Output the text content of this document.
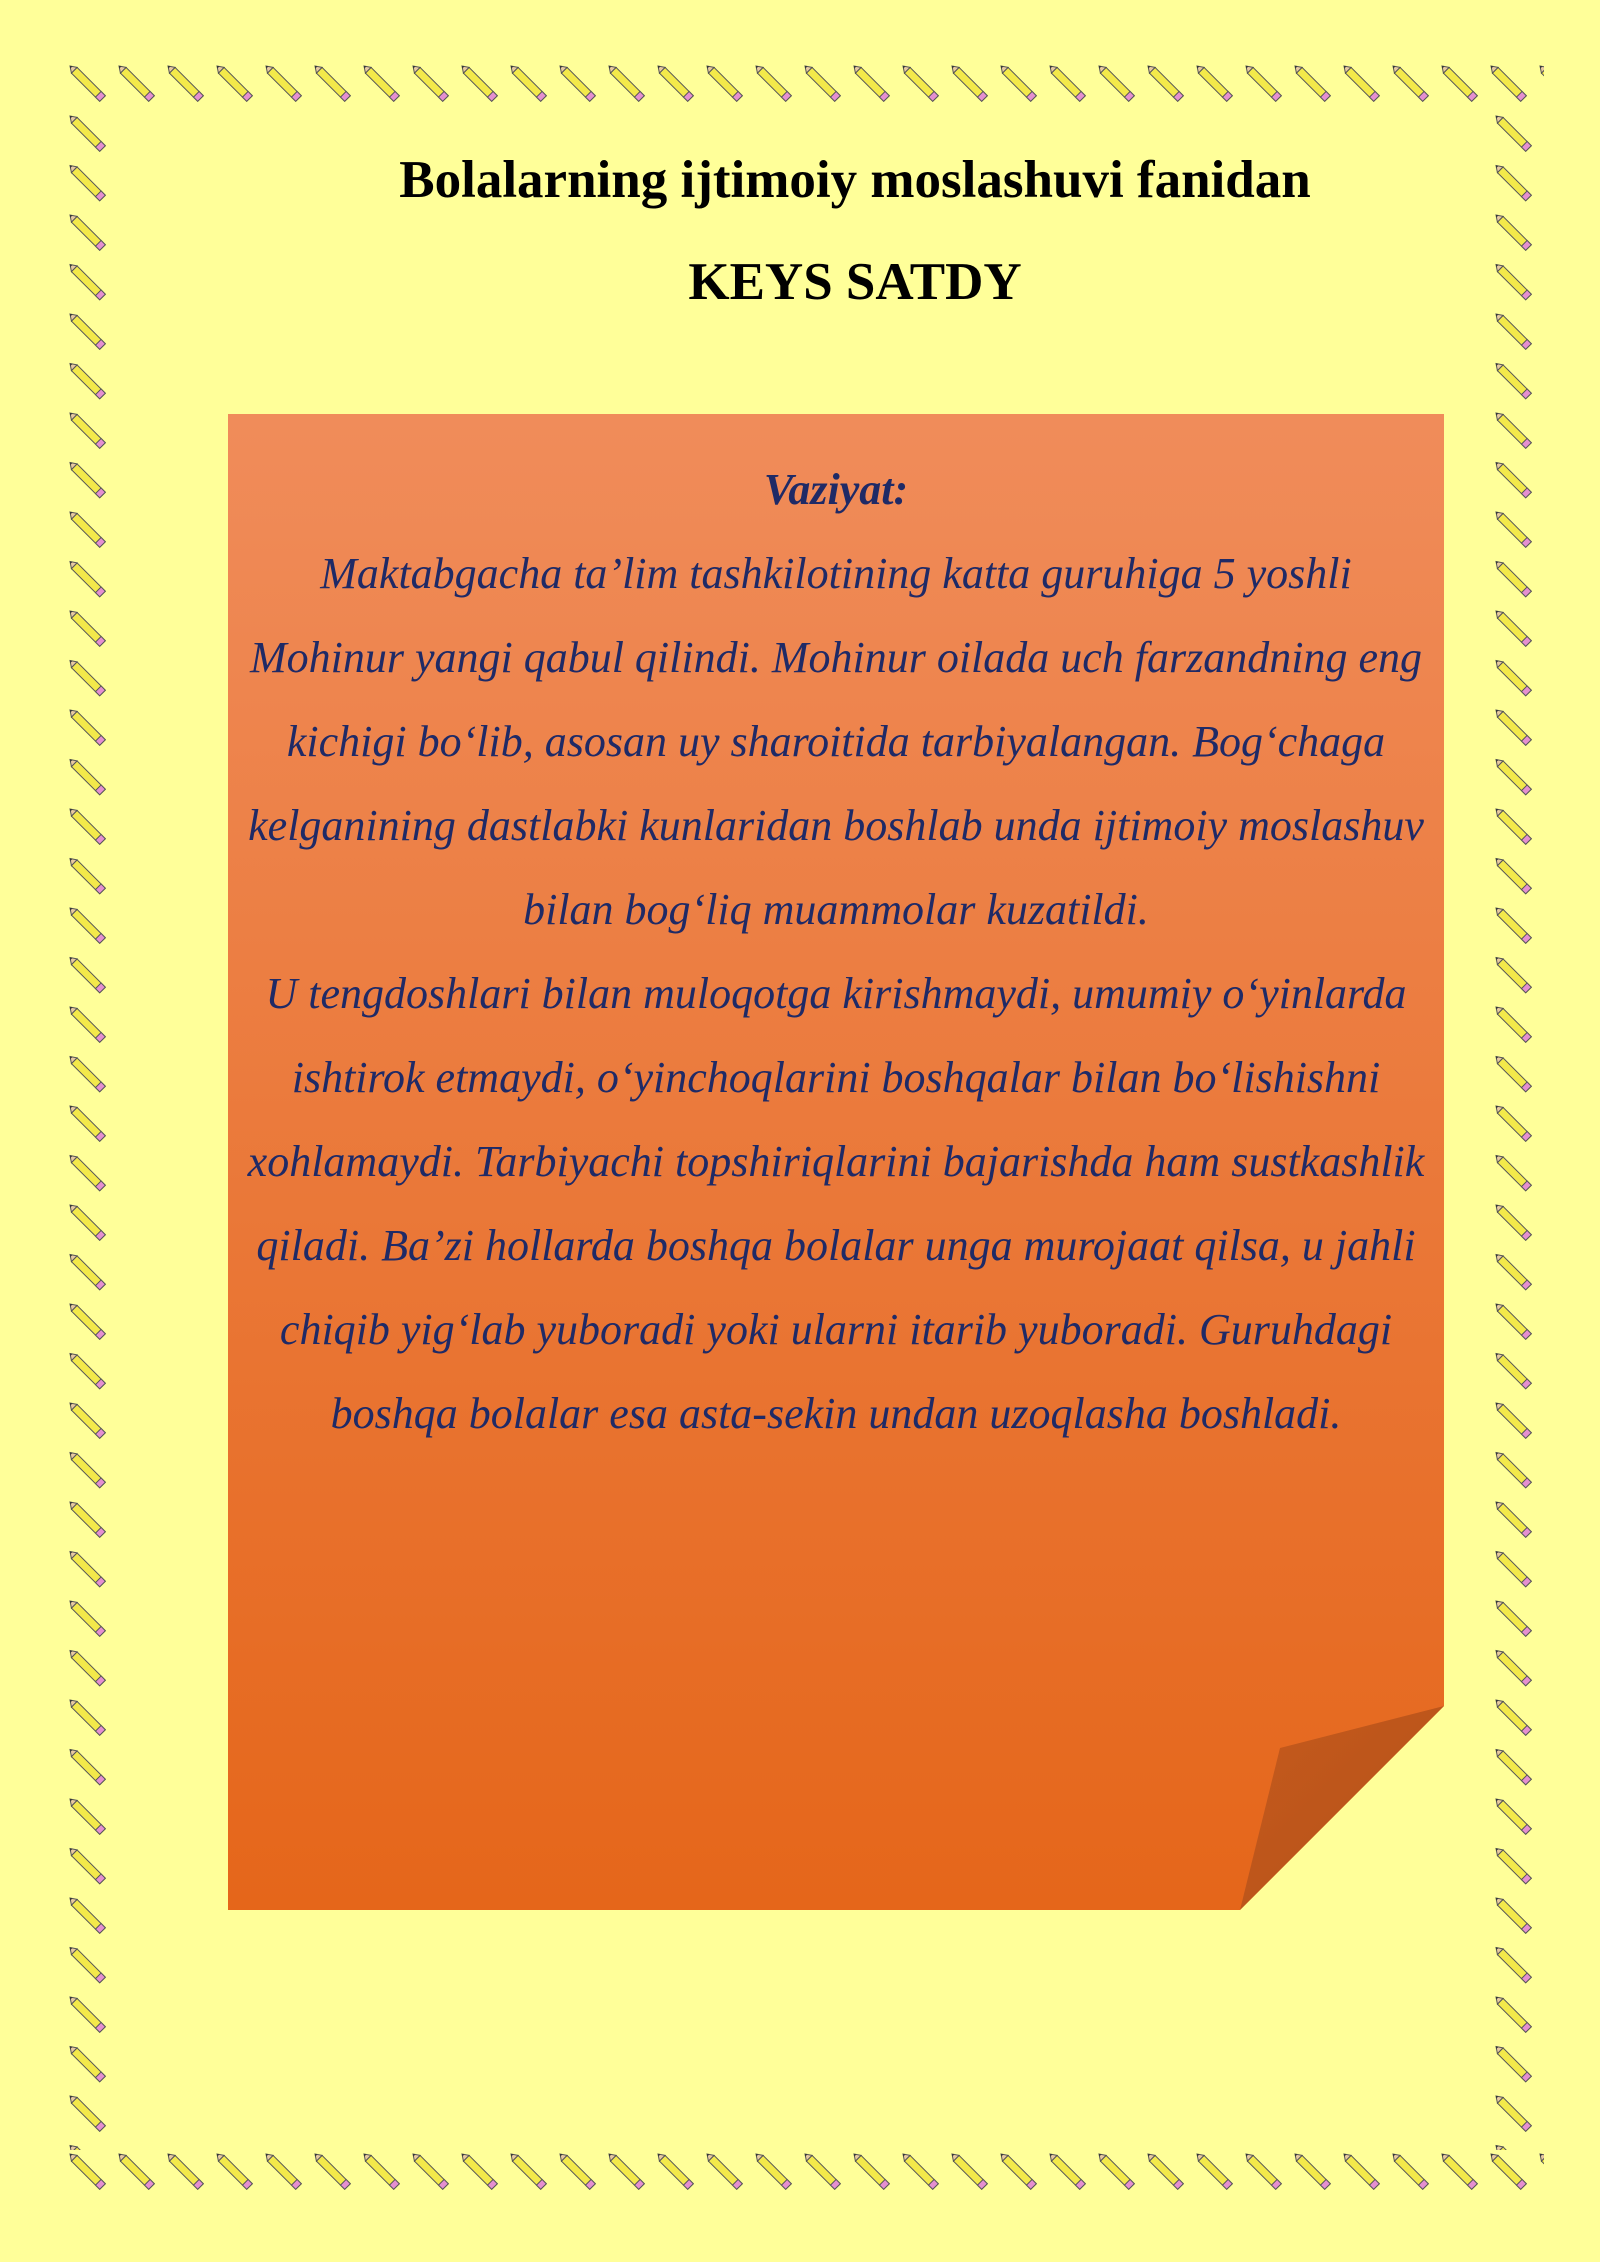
Bolalarning ijtimoiy moslashuvi fanidan

KEYS SATDY

Vaziyat:

Maktabgacha ta’lim tashkilotining katta guruhiga 5 yoshli Mohinur yangi qabul qilindi. Mohinur oilada uch farzandning eng kichigi bo‘lib, asosan uy sharoitida tarbiyalangan. Bog‘chaga kelganining dastlabki kunlaridan boshlab unda ijtimoiy moslashuv bilan bog‘liq muammolar kuzatildi.

U tengdoshlari bilan muloqotga kirishmaydi, umumiy o‘yinlarda ishtirok etmaydi, o‘yinchoqlarini boshqalar bilan bo‘lishishni xohlamaydi. Tarbiyachi topshiriqlarini bajarishda ham sustkashlik qiladi. Ba’zi hollarda boshqa bolalar unga murojaat qilsa, u jahli chiqib yig‘lab yuboradi yoki ularni itarib yuboradi. Guruhdagi boshqa bolalar esa asta-sekin undan uzoqlasha boshladi.
